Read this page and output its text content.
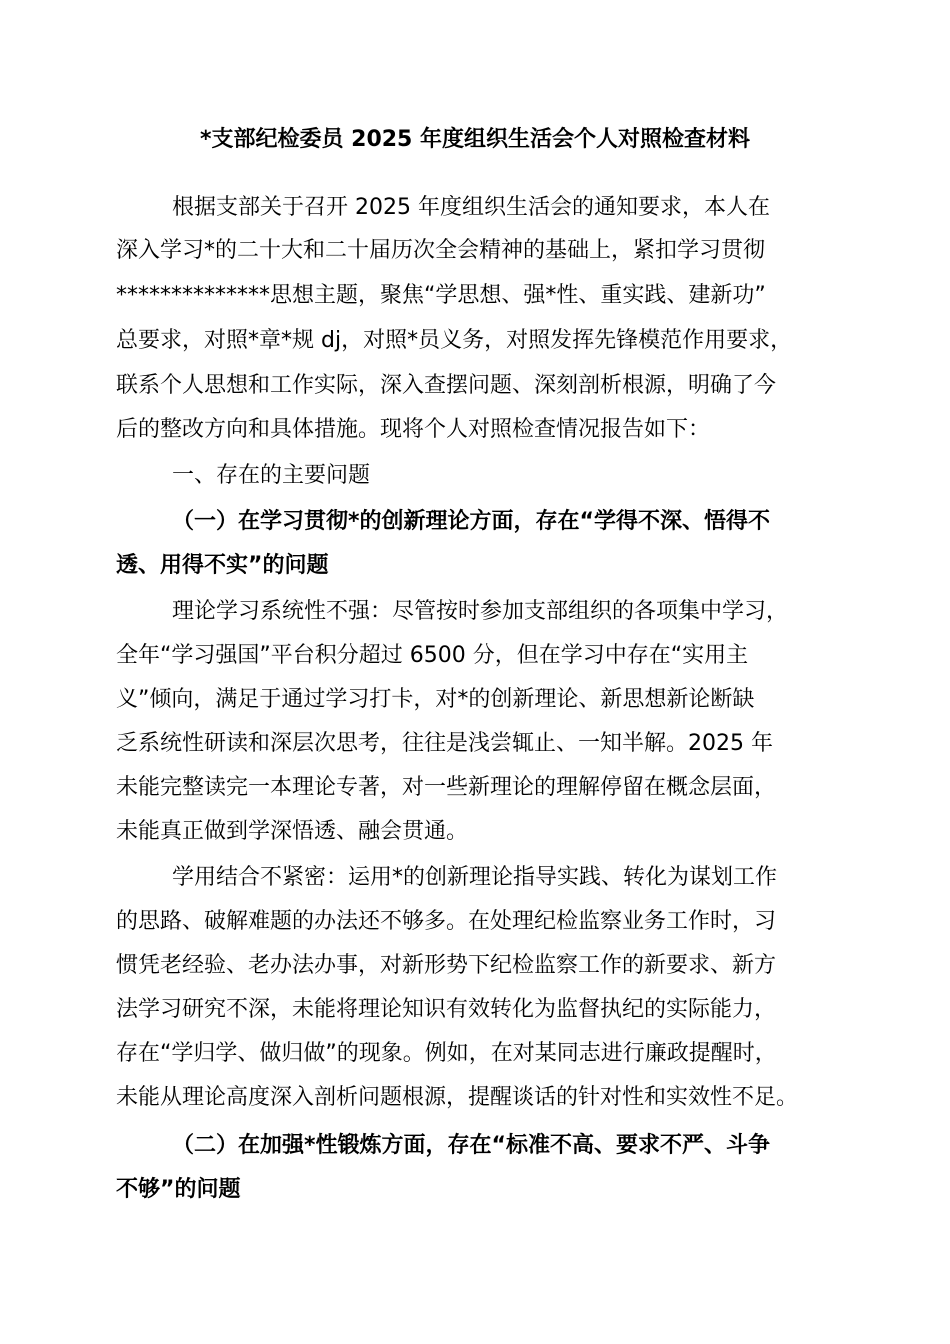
*支部纪检委员 2025 年度组织生活会个人对照检查材料
根据支部关于召开 2025 年度组织生活会的通知要求，本人在
深入学习*的二十大和二十届历次全会精神的基础上，紧扣学习贯彻
**************思想主题，聚焦“学思想、强*性、重实践、建新功”
总要求，对照*章*规 dj，对照*员义务，对照发挥先锋模范作用要求，
联系个人思想和工作实际，深入查摆问题、深刻剖析根源，明确了今
后的整改方向和具体措施。现将个人对照检查情况报告如下：
一、存在的主要问题
（一）在学习贯彻*的创新理论方面，存在“学得不深、悟得不
透、用得不实”的问题
理论学习系统性不强：尽管按时参加支部组织的各项集中学习，
全年“学习强国”平台积分超过 6500 分，但在学习中存在“实用主
义”倾向，满足于通过学习打卡，对*的创新理论、新思想新论断缺
乏系统性研读和深层次思考，往往是浅尝辄止、一知半解。2025 年
未能完整读完一本理论专著，对一些新理论的理解停留在概念层面，
未能真正做到学深悟透、融会贯通。
学用结合不紧密：运用*的创新理论指导实践、转化为谋划工作
的思路、破解难题的办法还不够多。在处理纪检监察业务工作时，习
惯凭老经验、老办法办事，对新形势下纪检监察工作的新要求、新方
法学习研究不深，未能将理论知识有效转化为监督执纪的实际能力，
存在“学归学、做归做”的现象。例如，在对某同志进行廉政提醒时，
未能从理论高度深入剖析问题根源，提醒谈话的针对性和实效性不足。
（二）在加强*性锻炼方面，存在“标准不高、要求不严、斗争
不够”的问题
